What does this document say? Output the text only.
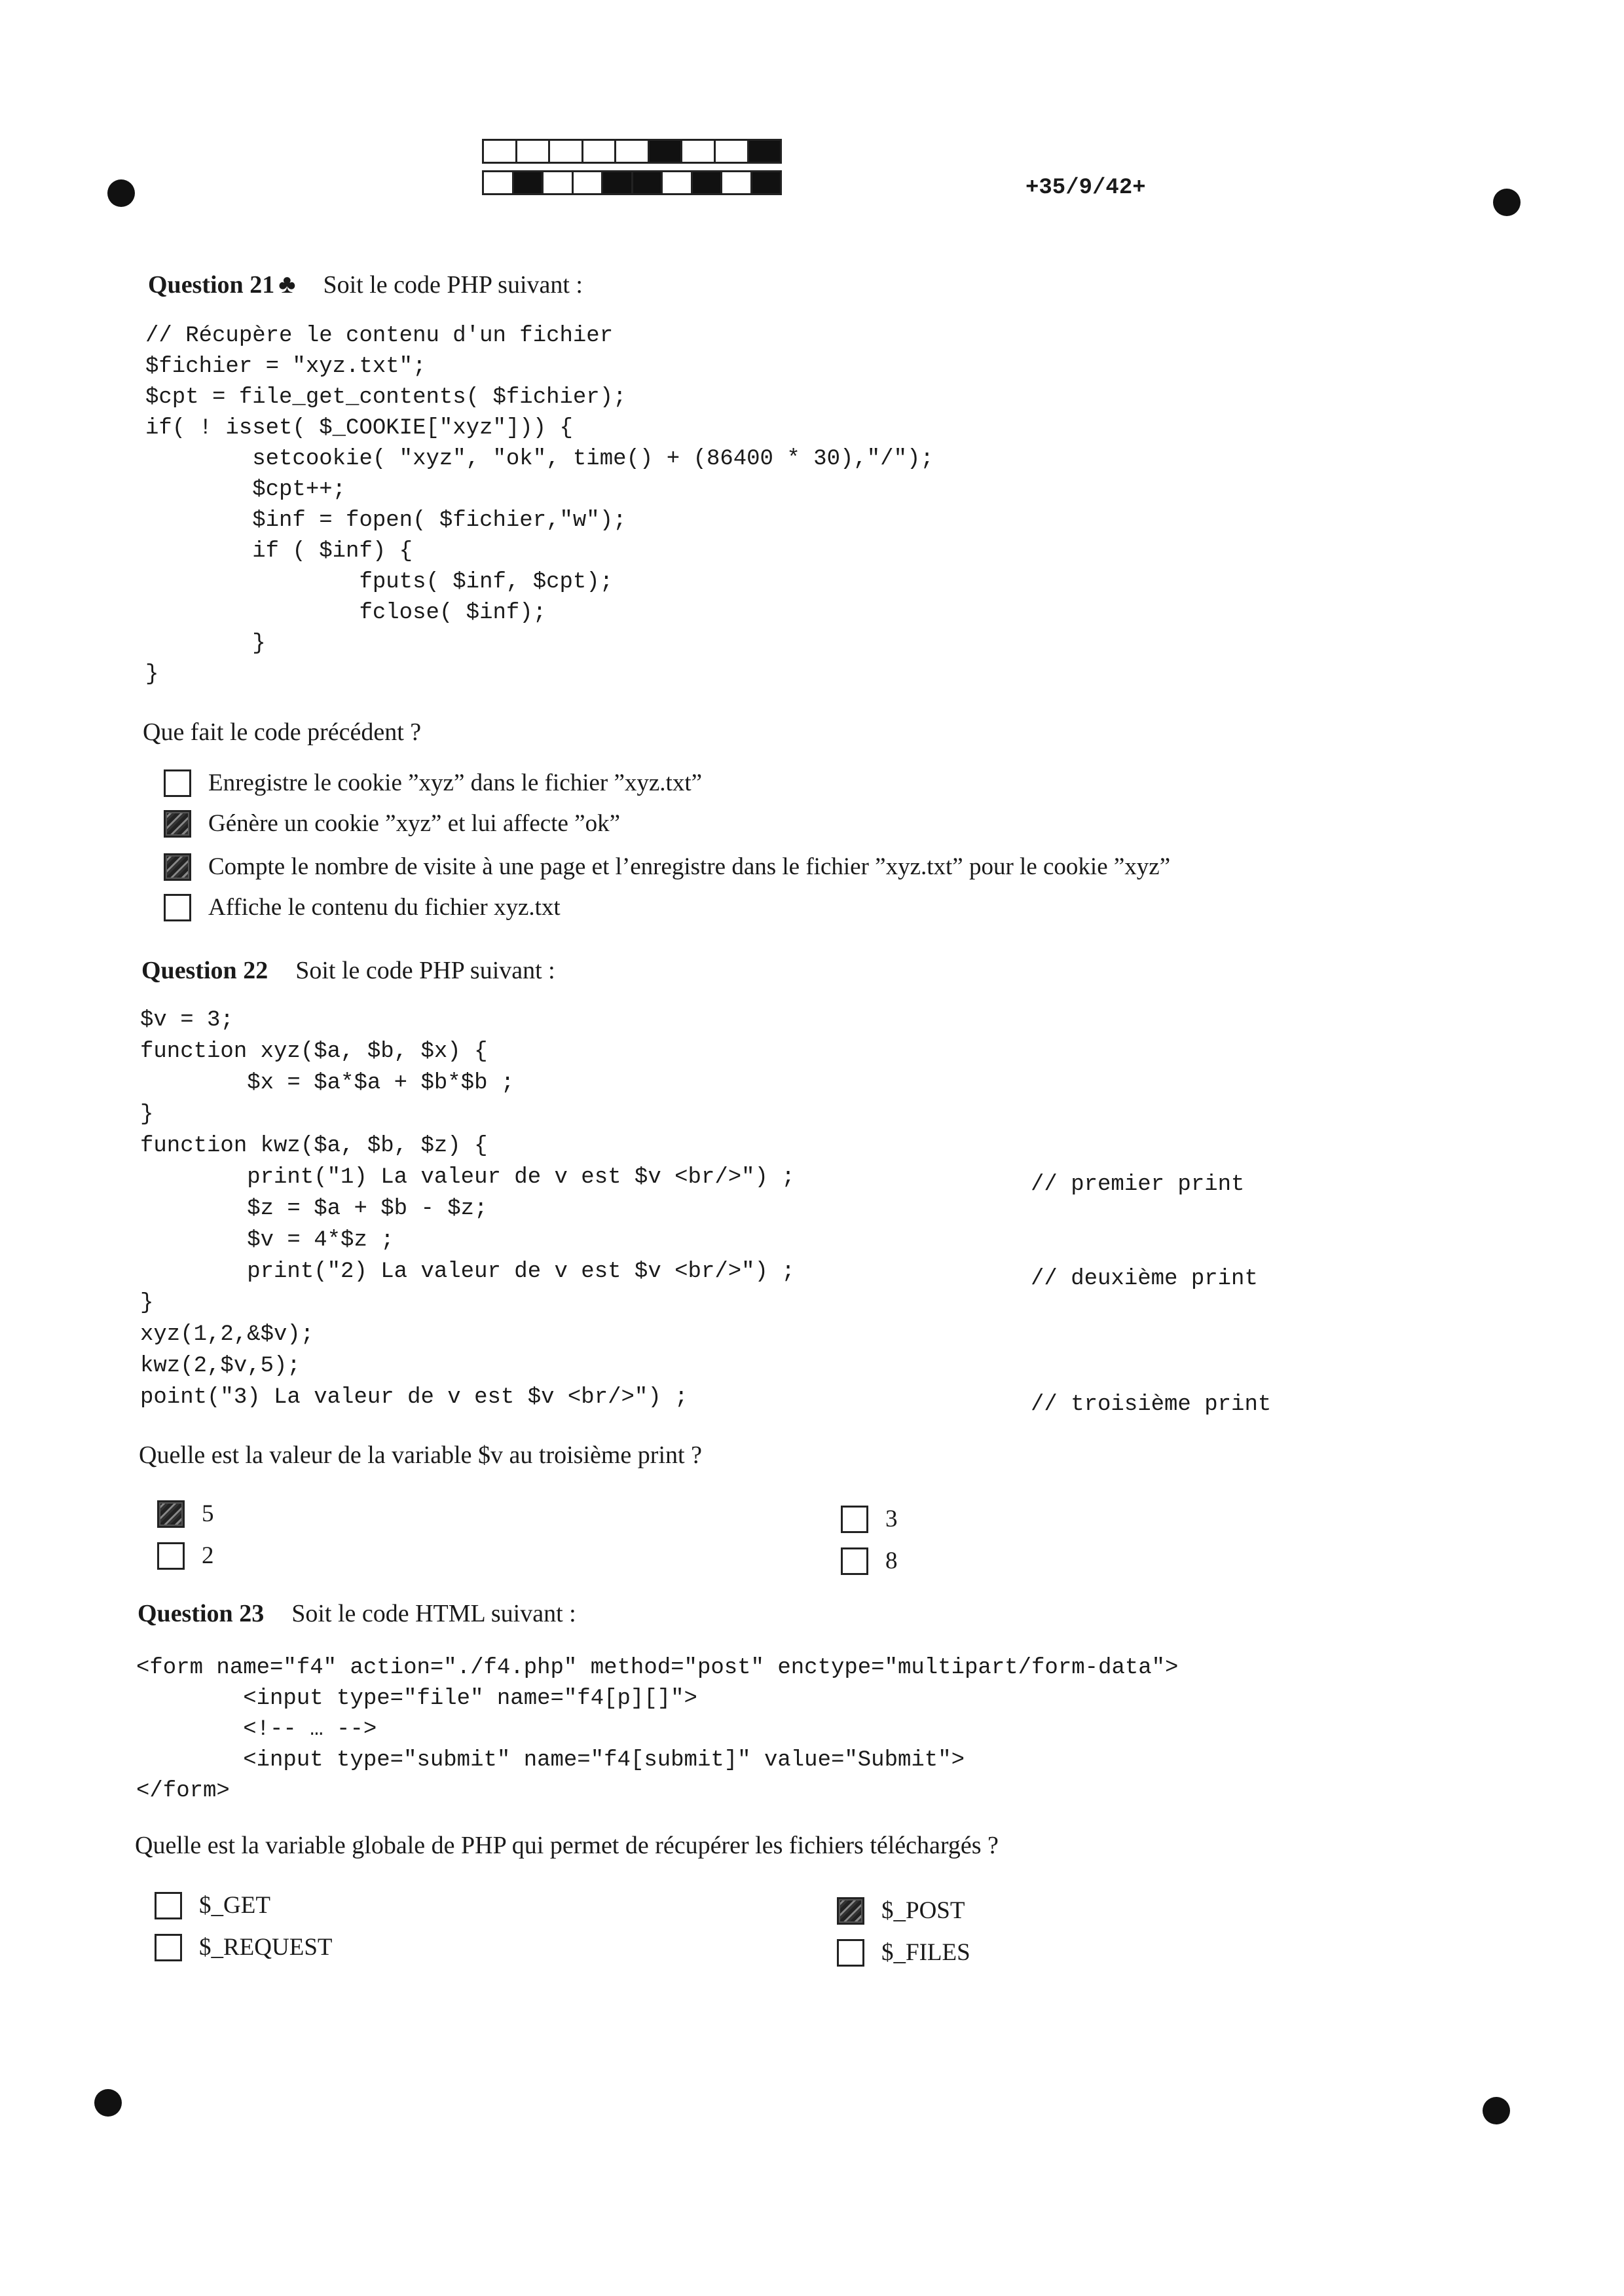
+35/9/42+
Question 21 ♣ Soit le code PHP suivant :
// Récupère le contenu d'un fichier
$fichier = "xyz.txt";
$cpt = file_get_contents( $fichier);
if( ! isset( $_COOKIE["xyz"])) {
setcookie( "xyz", "ok", time() + (86400 * 30),"/");
$cpt++;
$inf = fopen( $fichier,"w");
if ( $inf) {
fputs( $inf, $cpt);
fclose( $inf);
}
}
Que fait le code précédent ?
Enregistre le cookie ”xyz” dans le fichier ”xyz.txt”
Génère un cookie ”xyz” et lui affecte ”ok”
Compte le nombre de visite à une page et l’enregistre dans le fichier ”xyz.txt” pour le cookie ”xyz”
Affiche le contenu du fichier xyz.txt
Question 22 Soit le code PHP suivant :
$v = 3;
function xyz($a, $b, $x) {
$x = $a*$a + $b*$b ;
}
function kwz($a, $b, $z) {
print("1) La valeur de v est $v <br/>") ;
$z = $a + $b - $z;
$v = 4*$z ;
print("2) La valeur de v est $v <br/>") ;
}
xyz(1,2,&$v);
kwz(2,$v,5);
point("3) La valeur de v est $v <br/>") ;
// premier print
// deuxième print
// troisième print
Quelle est la valeur de la variable $v au troisième print ?
5
2
3
8
Question 23 Soit le code HTML suivant :
<form name="f4" action="./f4.php" method="post" enctype="multipart/form-data">
<input type="file" name="f4[p][]">
<!-- … -->
<input type="submit" name="f4[submit]" value="Submit">
</form>
Quelle est la variable globale de PHP qui permet de récupérer les fichiers téléchargés ?
$_GET
$_REQUEST
$_POST
$_FILES
